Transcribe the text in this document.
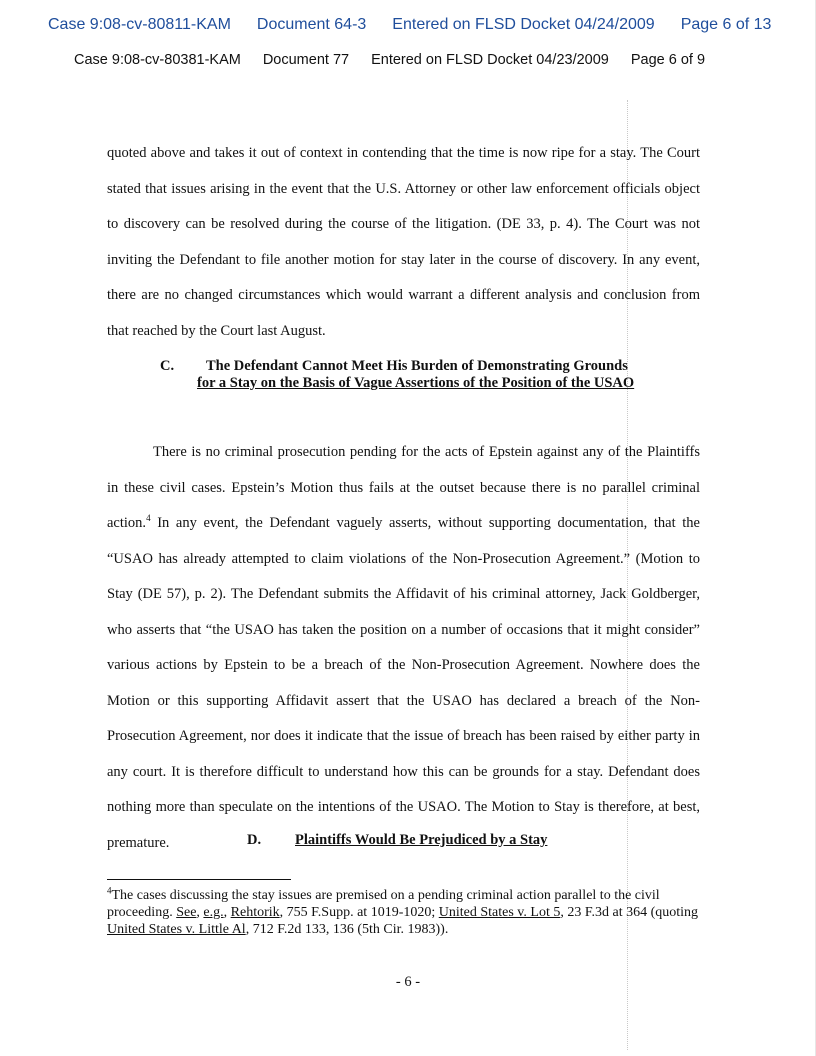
Case 9:08-cv-80811-KAM Document 64-3 Entered on FLSD Docket 04/24/2009 Page 6 of 13
Case 9:08-cv-80381-KAM Document 77 Entered on FLSD Docket 04/23/2009 Page 6 of 9

quoted above and takes it out of context in contending that the time is now ripe for a stay. The Court stated that issues arising in the event that the U.S. Attorney or other law enforcement officials object to discovery can be resolved during the course of the litigation. (DE 33, p. 4). The Court was not inviting the Defendant to file another motion for stay later in the course of discovery. In any event, there are no changed circumstances which would warrant a different analysis and conclusion from that reached by the Court last August.

C. The Defendant Cannot Meet His Burden of Demonstrating Grounds
for a Stay on the Basis of Vague Assertions of the Position of the USAO

There is no criminal prosecution pending for the acts of Epstein against any of the Plaintiffs in these civil cases. Epstein’s Motion thus fails at the outset because there is no parallel criminal action.$^4$ In any event, the Defendant vaguely asserts, without supporting documentation, that the “USAO has already attempted to claim violations of the Non-Prosecution Agreement.” (Motion to Stay (DE 57), p. 2). The Defendant submits the Affidavit of his criminal attorney, Jack Goldberger, who asserts that “the USAO has taken the position on a number of occasions that it might consider” various actions by Epstein to be a breach of the Non-Prosecution Agreement. Nowhere does the Motion or this supporting Affidavit assert that the USAO has declared a breach of the Non-Prosecution Agreement, nor does it indicate that the issue of breach has been raised by either party in any court. It is therefore difficult to understand how this can be grounds for a stay. Defendant does nothing more than speculate on the intentions of the USAO. The Motion to Stay is therefore, at best, premature.	D. Plaintiffs Would Be Prejudiced by a Stay

$^4$The cases discussing the stay issues are premised on a pending criminal action parallel to the civil proceeding. See, e.g., Rehtorik, 755 F.Supp. at 1019-1020; United States v. Lot 5, 23 F.3d at 364 (quoting United States v. Little Al, 712 F.2d 133, 136 (5th Cir. 1983)).

- 6 -
